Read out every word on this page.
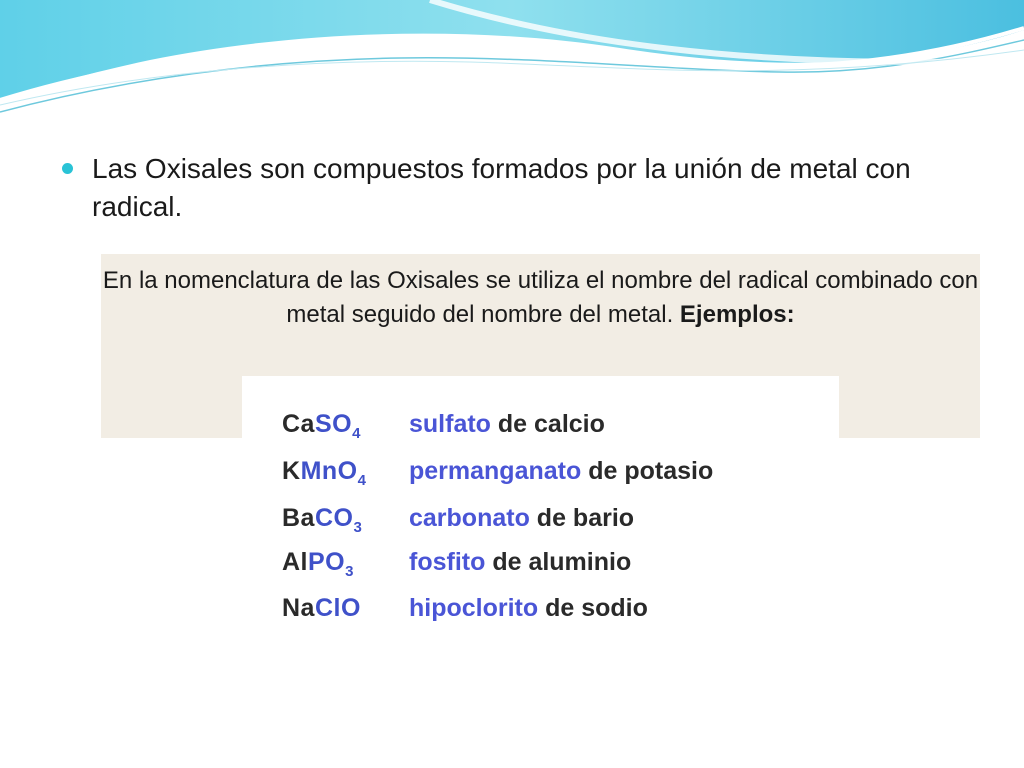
Las Oxisales son compuestos formados por la unión de metal con radical.
En la nomenclatura de las Oxisales se utiliza el nombre del radical combinado con metal seguido del nombre del metal. Ejemplos:
CaSO$_4$ sulfato de calcio
KMnO$_4$ permanganato de potasio
BaCO$_3$ carbonato de bario
AlPO$_3$ fosfito de aluminio
NaClO hipoclorito de sodio
